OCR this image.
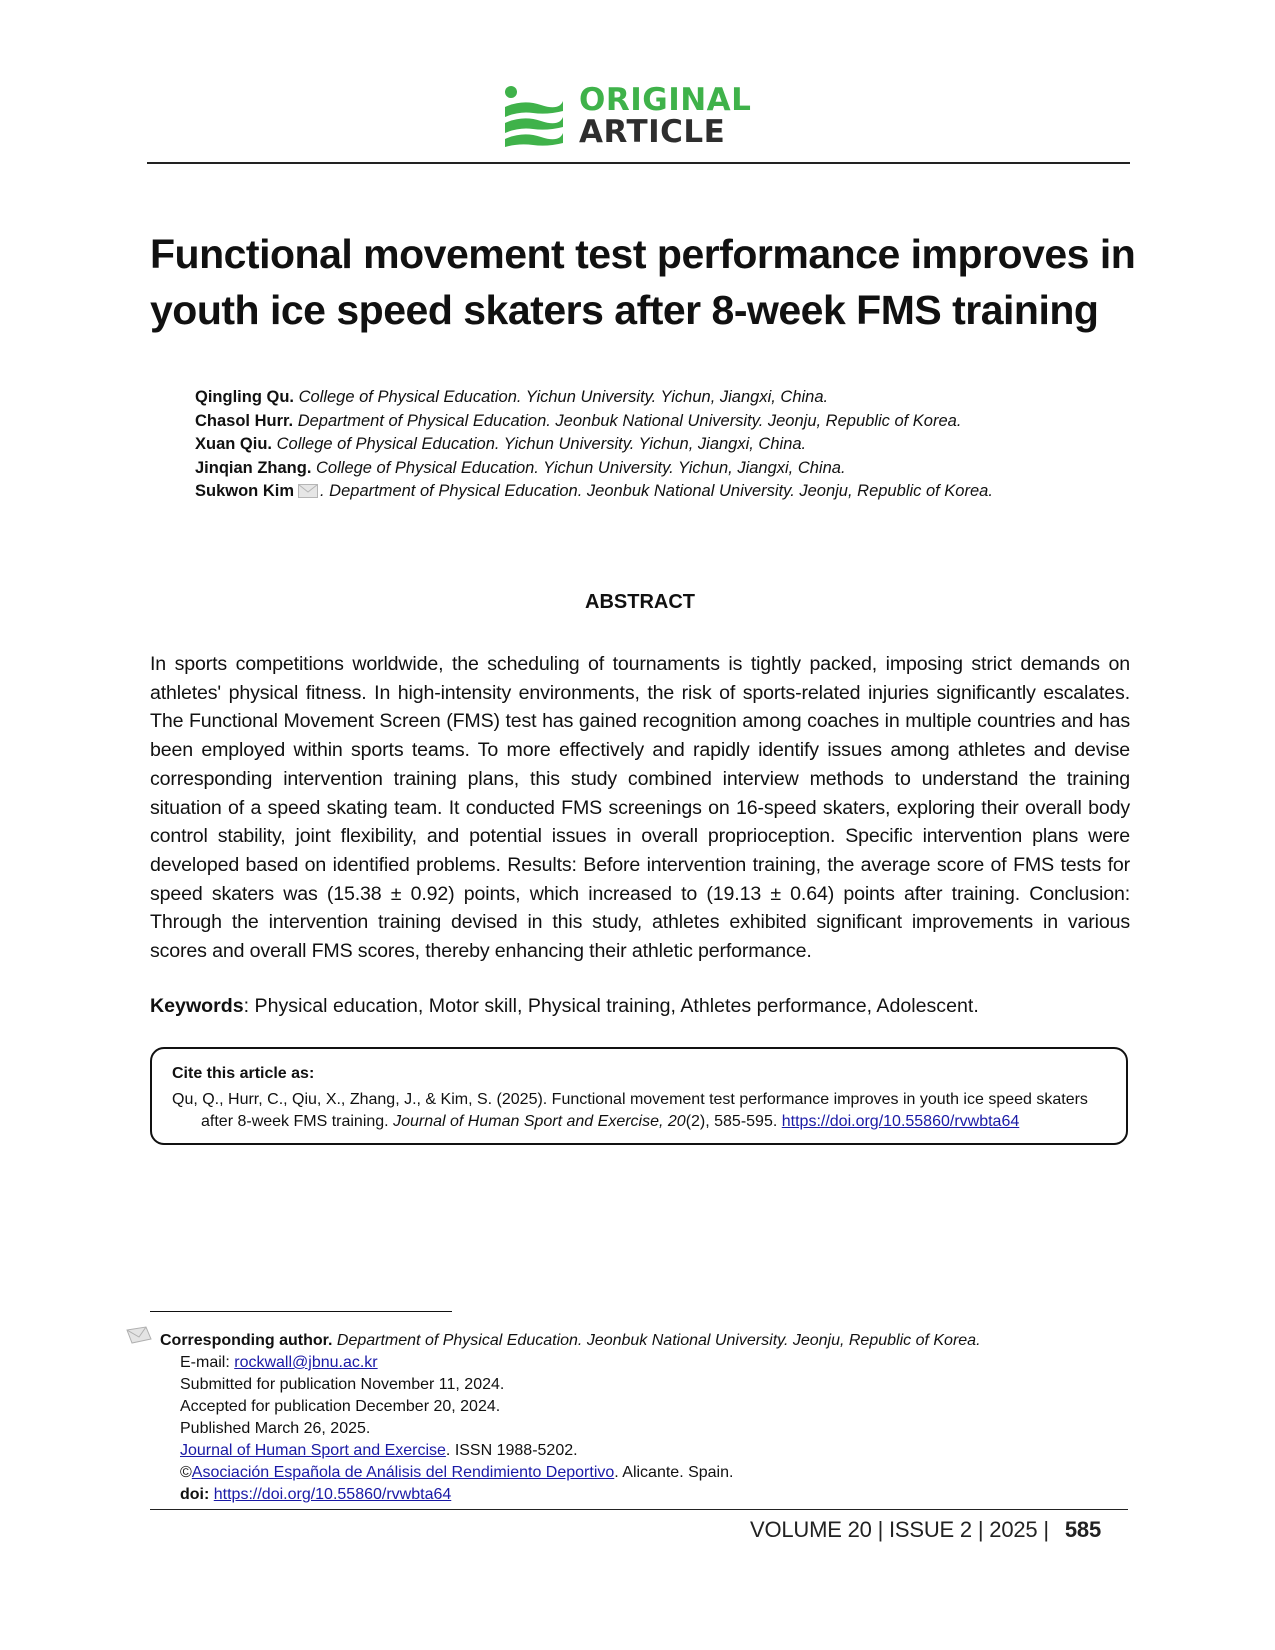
ORIGINAL
ARTICLE
Functional movement test performance improves in youth ice speed skaters after 8-week FMS training
Qingling Qu. College of Physical Education. Yichun University. Yichun, Jiangxi, China.
Chasol Hurr. Department of Physical Education. Jeonbuk National University. Jeonju, Republic of Korea.
Xuan Qiu. College of Physical Education. Yichun University. Yichun, Jiangxi, China.
Jinqian Zhang. College of Physical Education. Yichun University. Yichun, Jiangxi, China.
Sukwon Kim . Department of Physical Education. Jeonbuk National University. Jeonju, Republic of Korea.
ABSTRACT

In sports competitions worldwide, the scheduling of tournaments is tightly packed, imposing strict demands on athletes' physical fitness. In high-intensity environments, the risk of sports-related injuries significantly escalates. The Functional Movement Screen (FMS) test has gained recognition among coaches in multiple countries and has been employed within sports teams. To more effectively and rapidly identify issues among athletes and devise corresponding intervention training plans, this study combined interview methods to understand the training situation of a speed skating team. It conducted FMS screenings on 16-speed skaters, exploring their overall body control stability, joint flexibility, and potential issues in overall proprioception. Specific intervention plans were developed based on identified problems. Results: Before intervention training, the average score of FMS tests for speed skaters was (15.38 ± 0.92) points, which increased to (19.13 ± 0.64) points after training. Conclusion: Through the intervention training devised in this study, athletes exhibited significant improvements in various scores and overall FMS scores, thereby enhancing their athletic performance.

Keywords: Physical education, Motor skill, Physical training, Athletes performance, Adolescent.
Cite this article as:
Qu, Q., Hurr, C., Qiu, X., Zhang, J., & Kim, S. (2025). Functional movement test performance improves in youth ice speed skaters
after 8-week FMS training. Journal of Human Sport and Exercise, 20(2), 585-595. https://doi.org/10.55860/rvwbta64
Corresponding author. Department of Physical Education. Jeonbuk National University. Jeonju, Republic of Korea.
E-mail: rockwall@jbnu.ac.kr
Submitted for publication November 11, 2024.
Accepted for publication December 20, 2024.
Published March 26, 2025.
Journal of Human Sport and Exercise. ISSN 1988-5202.
©Asociación Española de Análisis del Rendimiento Deportivo. Alicante. Spain.
doi: https://doi.org/10.55860/rvwbta64
VOLUME 20 | ISSUE 2 | 2025 | 585
